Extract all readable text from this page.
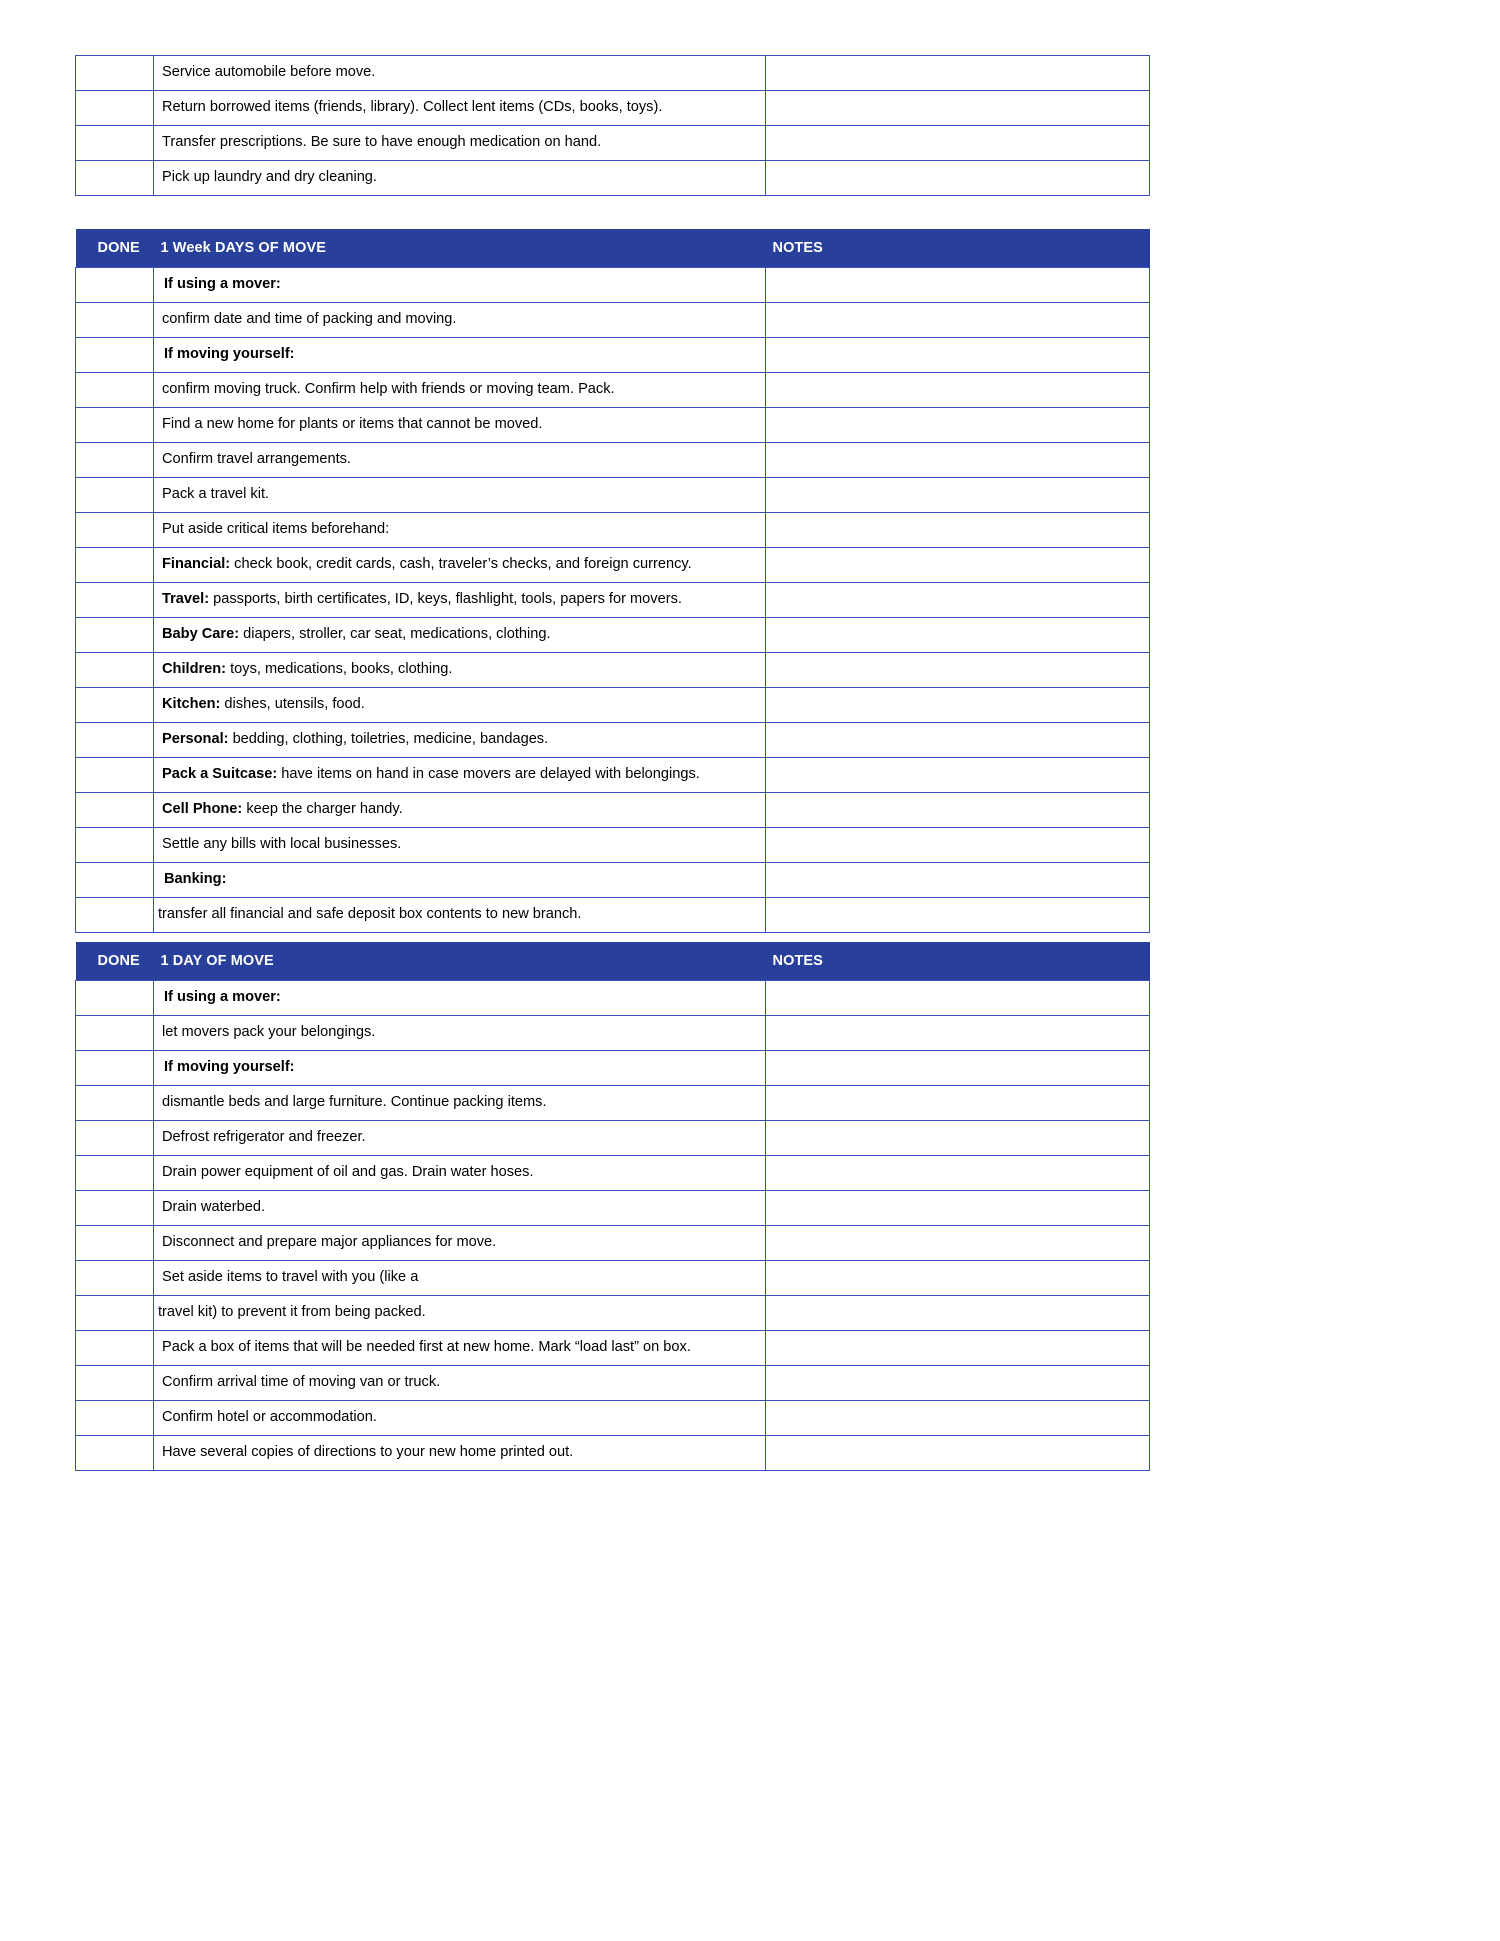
	Service automobile before move.	
	Return borrowed items (friends, library). Collect lent items (CDs, books, toys).	
	Transfer prescriptions. Be sure to have enough medication on hand.	
	Pick up laundry and dry cleaning.	
DONE	1 Week DAYS OF MOVE	NOTES
	If using a mover:	
	confirm date and time of packing and moving.	
	If moving yourself:	
	confirm moving truck. Confirm help with friends or moving team. Pack.	
	Find a new home for plants or items that cannot be moved.	
	Confirm travel arrangements.	
	Pack a travel kit.	
	Put aside critical items beforehand:	
	Financial: check book, credit cards, cash, traveler’s checks, and foreign currency.	
	Travel: passports, birth certificates, ID, keys, flashlight, tools, papers for movers.	
	Baby Care: diapers, stroller, car seat, medications, clothing.	
	Children: toys, medications, books, clothing.	
	Kitchen: dishes, utensils, food.	
	Personal: bedding, clothing, toiletries, medicine, bandages.	
	Pack a Suitcase: have items on hand in case movers are delayed with belongings.	
	Cell Phone: keep the charger handy.	
	Settle any bills with local businesses.	
	Banking:	
	transfer all financial and safe deposit box contents to new branch.	
DONE	1 DAY OF MOVE	NOTES
	If using a mover:	
	let movers pack your belongings.	
	If moving yourself:	
	dismantle beds and large furniture. Continue packing items.	
	Defrost refrigerator and freezer.	
	Drain power equipment of oil and gas. Drain water hoses.	
	Drain waterbed.	
	Disconnect and prepare major appliances for move.	
	Set aside items to travel with you (like a	
	travel kit) to prevent it from being packed.	
	Pack a box of items that will be needed first at new home. Mark “load last” on box.	
	Confirm arrival time of moving van or truck.	
	Confirm hotel or accommodation.	
	Have several copies of directions to your new home printed out.	
